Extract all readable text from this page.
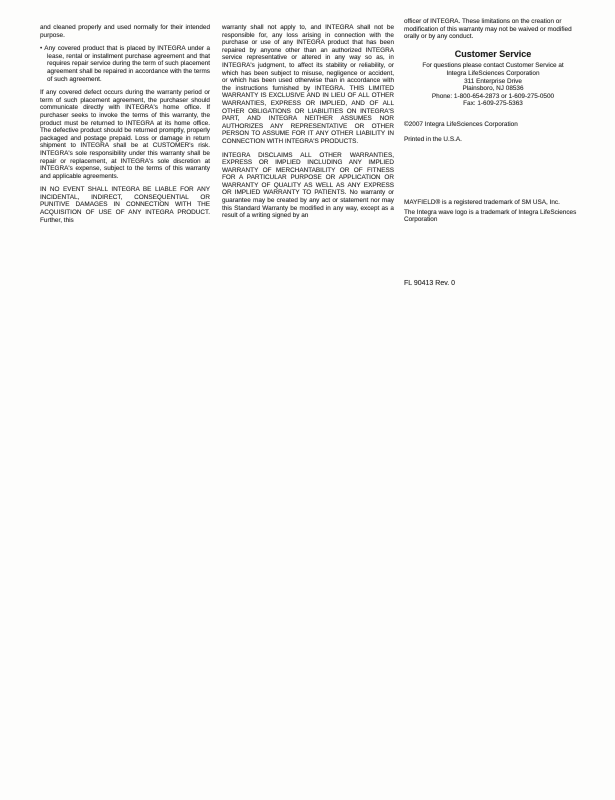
and cleaned properly and used normally for their intended purpose.

• Any covered product that is placed by INTEGRA under a lease, rental or installment purchase agreement and that requires repair service during the term of such placement agreement shall be repaired in accordance with the terms of such agreement.

If any covered defect occurs during the warranty period or term of such placement agreement, the purchaser should communicate directly with INTEGRA's home office. If purchaser seeks to invoke the terms of this warranty, the product must be returned to INTEGRA at its home office. The defective product should be returned promptly, properly packaged and postage prepaid. Loss or damage in return shipment to INTEGRA shall be at CUSTOMER's risk. INTEGRA's sole responsibility under this warranty shall be repair or replacement, at INTEGRA's sole discretion at INTEGRA's expense, subject to the terms of this warranty and applicable agreements.

IN NO EVENT SHALL INTEGRA BE LIABLE FOR ANY INCIDENTAL, INDIRECT, CONSEQUENTIAL OR PUNITIVE DAMAGES IN CONNECTION WITH THE ACQUISITION OF USE OF ANY INTEGRA PRODUCT. Further, this

warranty shall not apply to, and INTEGRA shall not be responsible for, any loss arising in connection with the purchase or use of any INTEGRA product that has been repaired by anyone other than an authorized INTEGRA service representative or altered in any way so as, in INTEGRA's judgment, to affect its stability or reliability, or which has been subject to misuse, negligence or accident, or which has been used otherwise than in accordance with the instructions furnished by INTEGRA. THIS LIMITED WARRANTY IS EXCLUSIVE AND IN LIEU OF ALL OTHER WARRANTIES, EXPRESS OR IMPLIED, AND OF ALL OTHER OBLIGATIONS OR LIABILITIES ON INTEGRA'S PART, AND INTEGRA NEITHER ASSUMES NOR AUTHORIZES ANY REPRESENTATIVE OR OTHER PERSON TO ASSUME FOR IT ANY OTHER LIABILITY IN CONNECTION WITH INTEGRA'S PRODUCTS.

INTEGRA DISCLAIMS ALL OTHER WARRANTIES, EXPRESS OR IMPLIED INCLUDING ANY IMPLIED WARRANTY OF MERCHANTABILITY OR OF FITNESS FOR A PARTICULAR PURPOSE OR APPLICATION OR WARRANTY OF QUALITY AS WELL AS ANY EXPRESS OR IMPLIED WARRANTY TO PATIENTS. No warranty or guarantee may be created by any act or statement nor may this Standard Warranty be modified in any way, except as a result of a writing signed by an

officer of INTEGRA. These limitations on the creation or modification of this warranty may not be waived or modified orally or by any conduct.

Customer Service
For questions please contact Customer Service at
Integra LifeSciences Corporation
311 Enterprise Drive
Plainsboro, NJ 08536
Phone: 1-800-654-2873 or 1-609-275-0500
Fax: 1-609-275-5363
©2007 Integra LifeSciences Corporation
Printed in the U.S.A.
MAYFIELD® is a registered trademark of SM USA, Inc.
The Integra wave logo is a trademark of Integra LifeSciences Corporation
FL 90413 Rev. 0
